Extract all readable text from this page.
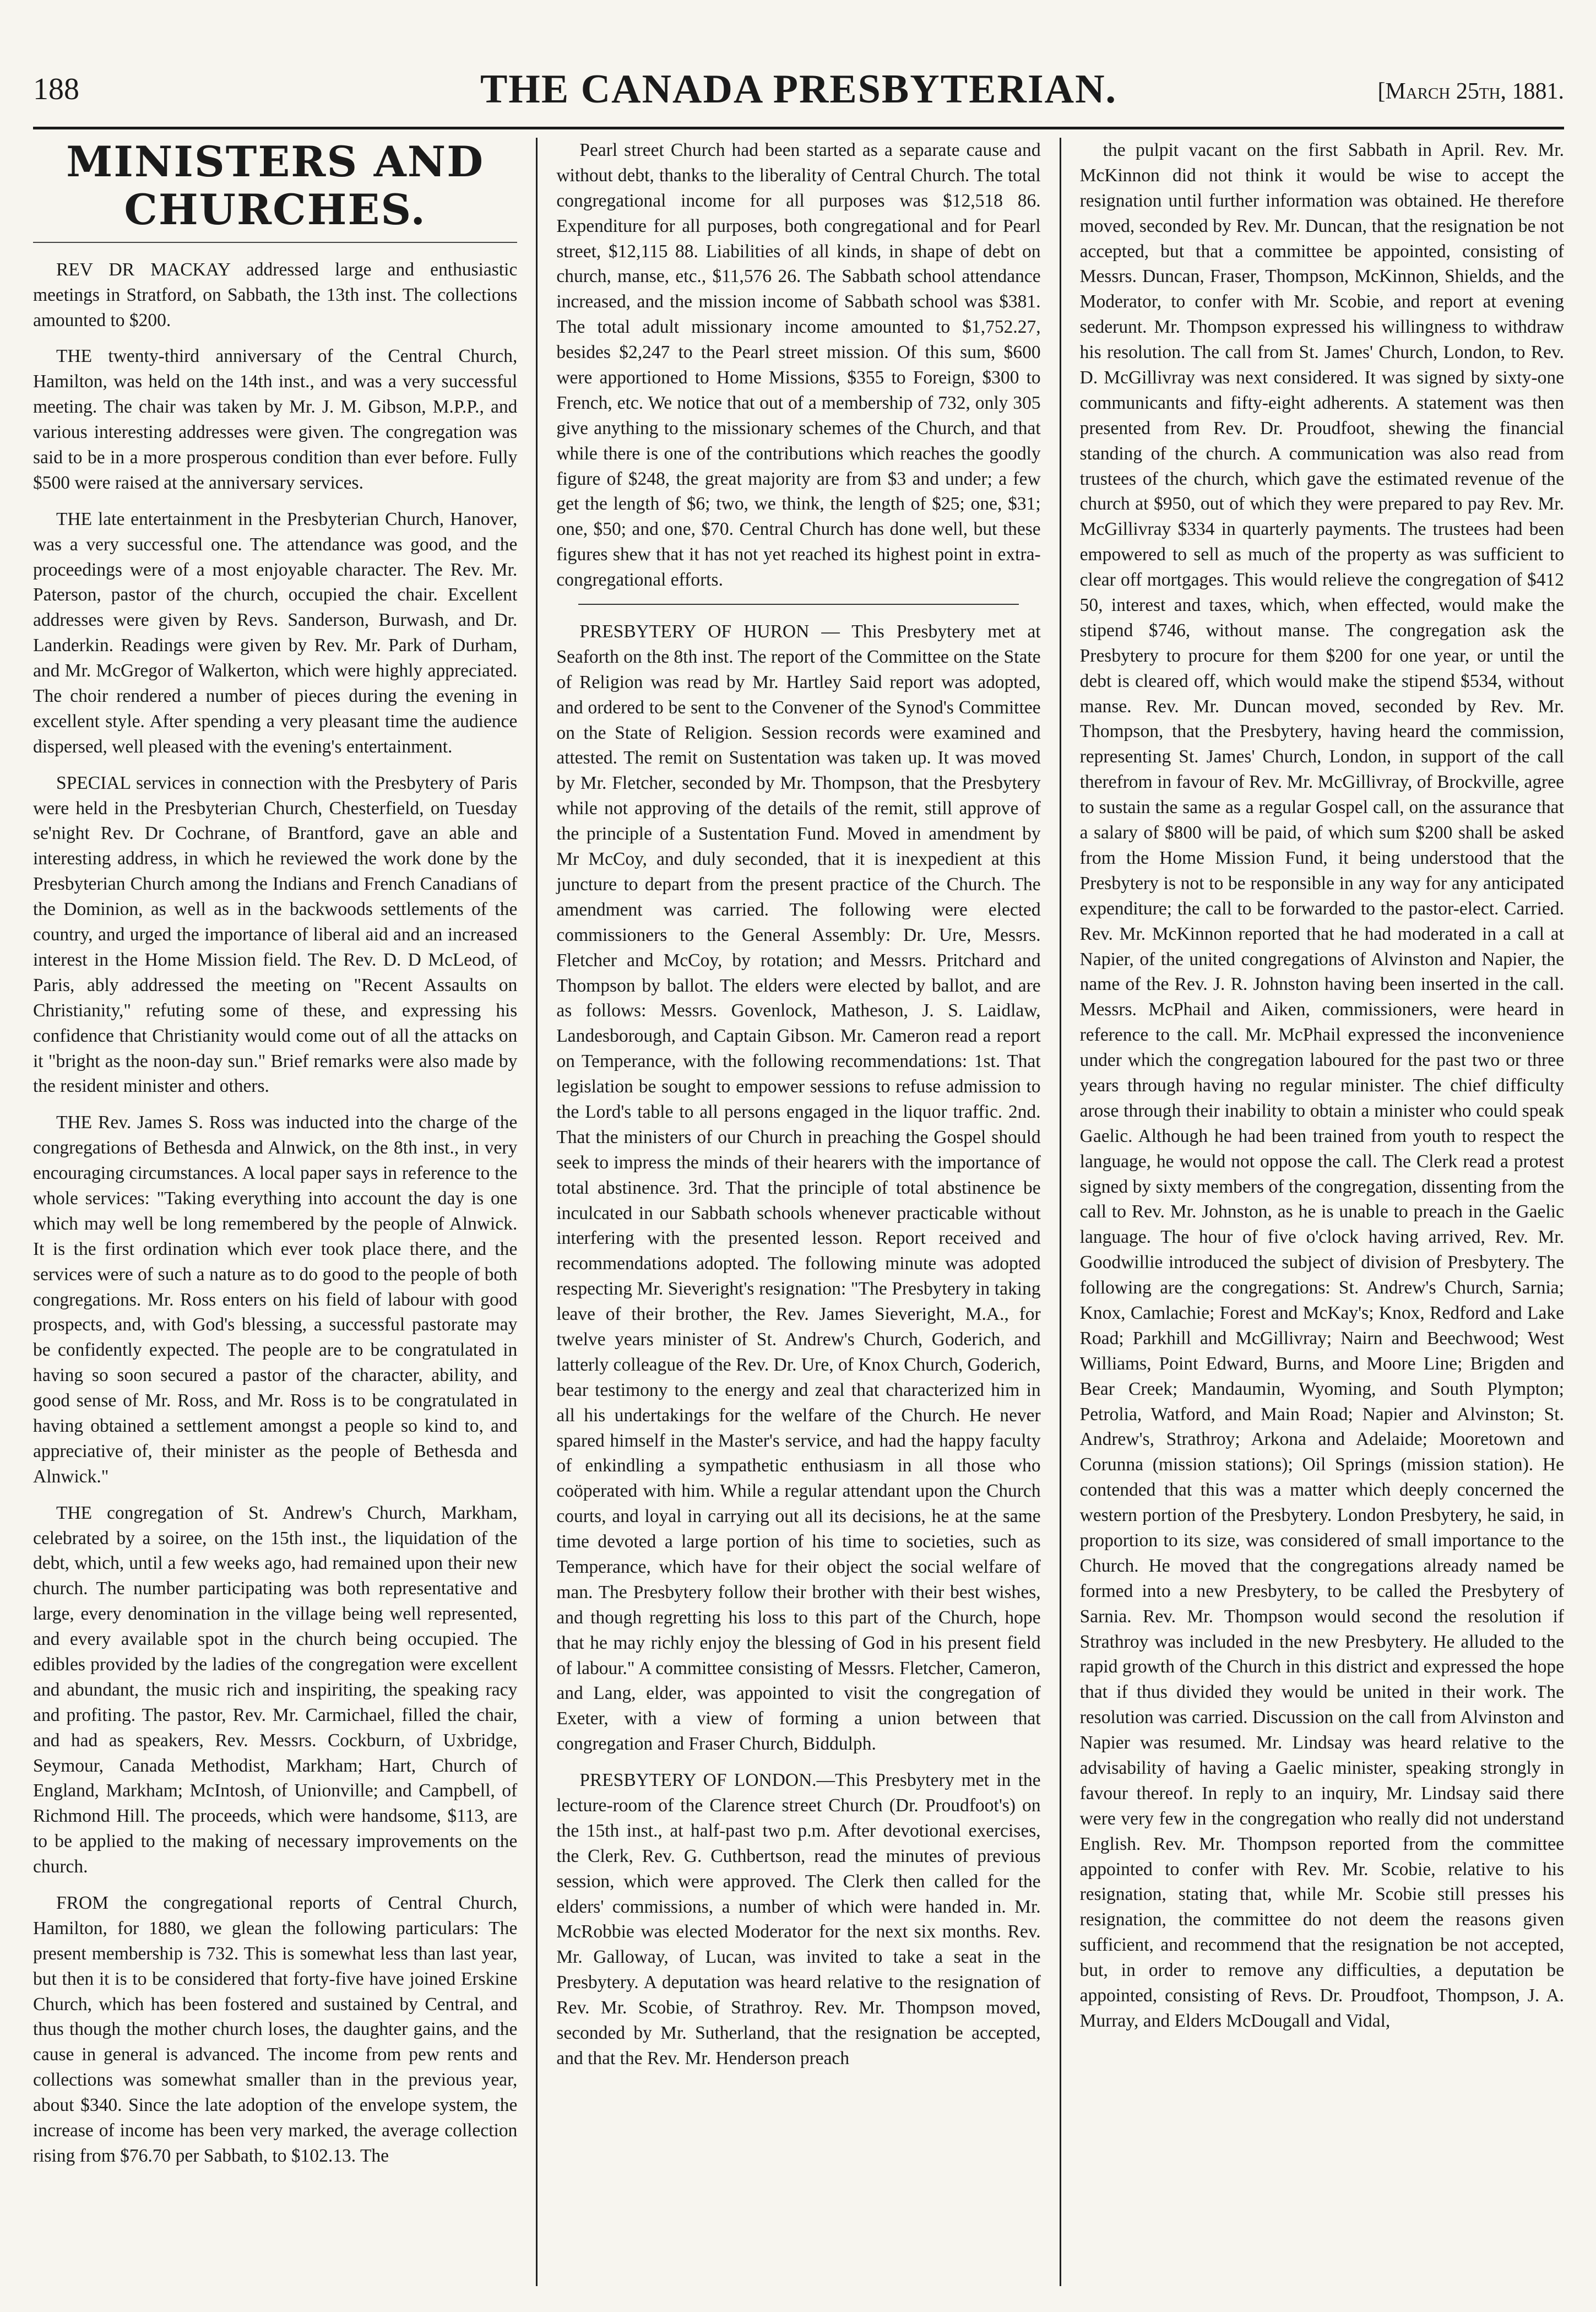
188	THE CANADA PRESBYTERIAN.	[March 25th, 1881.
MINISTERS AND CHURCHES.

REV DR MACKAY addressed large and enthusiastic meetings in Stratford, on Sabbath, the 13th inst. The collections amounted to $200.

THE twenty-third anniversary of the Central Church, Hamilton, was held on the 14th inst., and was a very successful meeting. The chair was taken by Mr. J. M. Gibson, M.P.P., and various interesting addresses were given. The congregation was said to be in a more prosperous condition than ever before. Fully $500 were raised at the anniversary services.

THE late entertainment in the Presbyterian Church, Hanover, was a very successful one. The attendance was good, and the proceedings were of a most enjoyable character. The Rev. Mr. Paterson, pastor of the church, occupied the chair. Excellent addresses were given by Revs. Sanderson, Burwash, and Dr. Landerkin. Readings were given by Rev. Mr. Park of Durham, and Mr. McGregor of Walkerton, which were highly appreciated. The choir rendered a number of pieces during the evening in excellent style. After spending a very pleasant time the audience dispersed, well pleased with the evening's entertainment.

SPECIAL services in connection with the Presbytery of Paris were held in the Presbyterian Church, Chesterfield, on Tuesday se'night Rev. Dr Cochrane, of Brantford, gave an able and interesting address, in which he reviewed the work done by the Presbyterian Church among the Indians and French Canadians of the Dominion, as well as in the backwoods settlements of the country, and urged the importance of liberal aid and an increased interest in the Home Mission field. The Rev. D. D McLeod, of Paris, ably addressed the meeting on "Recent Assaults on Christianity," refuting some of these, and expressing his confidence that Christianity would come out of all the attacks on it "bright as the noon-day sun." Brief remarks were also made by the resident minister and others.

THE Rev. James S. Ross was inducted into the charge of the congregations of Bethesda and Alnwick, on the 8th inst., in very encouraging circumstances. A local paper says in reference to the whole services: "Taking everything into account the day is one which may well be long remembered by the people of Alnwick. It is the first ordination which ever took place there, and the services were of such a nature as to do good to the people of both congregations. Mr. Ross enters on his field of labour with good prospects, and, with God's blessing, a successful pastorate may be confidently expected. The people are to be congratulated in having so soon secured a pastor of the character, ability, and good sense of Mr. Ross, and Mr. Ross is to be congratulated in having obtained a settlement amongst a people so kind to, and appreciative of, their minister as the people of Bethesda and Alnwick."

THE congregation of St. Andrew's Church, Markham, celebrated by a soiree, on the 15th inst., the liquidation of the debt, which, until a few weeks ago, had remained upon their new church. The number participating was both representative and large, every denomination in the village being well represented, and every available spot in the church being occupied. The edibles provided by the ladies of the congregation were excellent and abundant, the music rich and inspiriting, the speaking racy and profiting. The pastor, Rev. Mr. Carmichael, filled the chair, and had as speakers, Rev. Messrs. Cockburn, of Uxbridge, Seymour, Canada Methodist, Markham; Hart, Church of England, Markham; McIntosh, of Unionville; and Campbell, of Richmond Hill. The proceeds, which were handsome, $113, are to be applied to the making of necessary improvements on the church.

FROM the congregational reports of Central Church, Hamilton, for 1880, we glean the following particulars: The present membership is 732. This is somewhat less than last year, but then it is to be considered that forty-five have joined Erskine Church, which has been fostered and sustained by Central, and thus though the mother church loses, the daughter gains, and the cause in general is advanced. The income from pew rents and collections was somewhat smaller than in the previous year, about $340. Since the late adoption of the envelope system, the increase of income has been very marked, the average collection rising from $76.70 per Sabbath, to $102.13. The

Pearl street Church had been started as a separate cause and without debt, thanks to the liberality of Central Church. The total congregational income for all purposes was $12,518 86. Expenditure for all purposes, both congregational and for Pearl street, $12,115 88. Liabilities of all kinds, in shape of debt on church, manse, etc., $11,576 26. The Sabbath school attendance increased, and the mission income of Sabbath school was $381. The total adult missionary income amounted to $1,752.27, besides $2,247 to the Pearl street mission. Of this sum, $600 were apportioned to Home Missions, $355 to Foreign, $300 to French, etc. We notice that out of a membership of 732, only 305 give anything to the missionary schemes of the Church, and that while there is one of the contributions which reaches the goodly figure of $248, the great majority are from $3 and under; a few get the length of $6; two, we think, the length of $25; one, $31; one, $50; and one, $70. Central Church has done well, but these figures shew that it has not yet reached its highest point in extra-congregational efforts.

PRESBYTERY OF HURON — This Presbytery met at Seaforth on the 8th inst. The report of the Committee on the State of Religion was read by Mr. Hartley Said report was adopted, and ordered to be sent to the Convener of the Synod's Committee on the State of Religion. Session records were examined and attested. The remit on Sustentation was taken up. It was moved by Mr. Fletcher, seconded by Mr. Thompson, that the Presbytery while not approving of the details of the remit, still approve of the principle of a Sustentation Fund. Moved in amendment by Mr McCoy, and duly seconded, that it is inexpedient at this juncture to depart from the present practice of the Church. The amendment was carried. The following were elected commissioners to the General Assembly: Dr. Ure, Messrs. Fletcher and McCoy, by rotation; and Messrs. Pritchard and Thompson by ballot. The elders were elected by ballot, and are as follows: Messrs. Govenlock, Matheson, J. S. Laidlaw, Landesborough, and Captain Gibson. Mr. Cameron read a report on Temperance, with the following recommendations: 1st. That legislation be sought to empower sessions to refuse admission to the Lord's table to all persons engaged in the liquor traffic. 2nd. That the ministers of our Church in preaching the Gospel should seek to impress the minds of their hearers with the importance of total abstinence. 3rd. That the principle of total abstinence be inculcated in our Sabbath schools whenever practicable without interfering with the presented lesson. Report received and recommendations adopted. The following minute was adopted respecting Mr. Sieveright's resignation: "The Presbytery in taking leave of their brother, the Rev. James Sieveright, M.A., for twelve years minister of St. Andrew's Church, Goderich, and latterly colleague of the Rev. Dr. Ure, of Knox Church, Goderich, bear testimony to the energy and zeal that characterized him in all his undertakings for the welfare of the Church. He never spared himself in the Master's service, and had the happy faculty of enkindling a sympathetic enthusiasm in all those who coöperated with him. While a regular attendant upon the Church courts, and loyal in carrying out all its decisions, he at the same time devoted a large portion of his time to societies, such as Temperance, which have for their object the social welfare of man. The Presbytery follow their brother with their best wishes, and though regretting his loss to this part of the Church, hope that he may richly enjoy the blessing of God in his present field of labour." A committee consisting of Messrs. Fletcher, Cameron, and Lang, elder, was appointed to visit the congregation of Exeter, with a view of forming a union between that congregation and Fraser Church, Biddulph.

PRESBYTERY OF LONDON.—This Presbytery met in the lecture-room of the Clarence street Church (Dr. Proudfoot's) on the 15th inst., at half-past two p.m. After devotional exercises, the Clerk, Rev. G. Cuthbertson, read the minutes of previous session, which were approved. The Clerk then called for the elders' commissions, a number of which were handed in. Mr. McRobbie was elected Moderator for the next six months. Rev. Mr. Galloway, of Lucan, was invited to take a seat in the Presbytery. A deputation was heard relative to the resignation of Rev. Mr. Scobie, of Strathroy. Rev. Mr. Thompson moved, seconded by Mr. Sutherland, that the resignation be accepted, and that the Rev. Mr. Henderson preach

the pulpit vacant on the first Sabbath in April. Rev. Mr. McKinnon did not think it would be wise to accept the resignation until further information was obtained. He therefore moved, seconded by Rev. Mr. Duncan, that the resignation be not accepted, but that a committee be appointed, consisting of Messrs. Duncan, Fraser, Thompson, McKinnon, Shields, and the Moderator, to confer with Mr. Scobie, and report at evening sederunt. Mr. Thompson expressed his willingness to withdraw his resolution. The call from St. James' Church, London, to Rev. D. McGillivray was next considered. It was signed by sixty-one communicants and fifty-eight adherents. A statement was then presented from Rev. Dr. Proudfoot, shewing the financial standing of the church. A communication was also read from trustees of the church, which gave the estimated revenue of the church at $950, out of which they were prepared to pay Rev. Mr. McGillivray $334 in quarterly payments. The trustees had been empowered to sell as much of the property as was sufficient to clear off mortgages. This would relieve the congregation of $412 50, interest and taxes, which, when effected, would make the stipend $746, without manse. The congregation ask the Presbytery to procure for them $200 for one year, or until the debt is cleared off, which would make the stipend $534, without manse. Rev. Mr. Duncan moved, seconded by Rev. Mr. Thompson, that the Presbytery, having heard the commission, representing St. James' Church, London, in support of the call therefrom in favour of Rev. Mr. McGillivray, of Brockville, agree to sustain the same as a regular Gospel call, on the assurance that a salary of $800 will be paid, of which sum $200 shall be asked from the Home Mission Fund, it being understood that the Presbytery is not to be responsible in any way for any anticipated expenditure; the call to be forwarded to the pastor-elect. Carried. Rev. Mr. McKinnon reported that he had moderated in a call at Napier, of the united congregations of Alvinston and Napier, the name of the Rev. J. R. Johnston having been inserted in the call. Messrs. McPhail and Aiken, commissioners, were heard in reference to the call. Mr. McPhail expressed the inconvenience under which the congregation laboured for the past two or three years through having no regular minister. The chief difficulty arose through their inability to obtain a minister who could speak Gaelic. Although he had been trained from youth to respect the language, he would not oppose the call. The Clerk read a protest signed by sixty members of the congregation, dissenting from the call to Rev. Mr. Johnston, as he is unable to preach in the Gaelic language. The hour of five o'clock having arrived, Rev. Mr. Goodwillie introduced the subject of division of Presbytery. The following are the congregations: St. Andrew's Church, Sarnia; Knox, Camlachie; Forest and McKay's; Knox, Redford and Lake Road; Parkhill and McGillivray; Nairn and Beechwood; West Williams, Point Edward, Burns, and Moore Line; Brigden and Bear Creek; Mandaumin, Wyoming, and South Plympton; Petrolia, Watford, and Main Road; Napier and Alvinston; St. Andrew's, Strathroy; Arkona and Adelaide; Mooretown and Corunna (mission stations); Oil Springs (mission station). He contended that this was a matter which deeply concerned the western portion of the Presbytery. London Presbytery, he said, in proportion to its size, was considered of small importance to the Church. He moved that the congregations already named be formed into a new Presbytery, to be called the Presbytery of Sarnia. Rev. Mr. Thompson would second the resolution if Strathroy was included in the new Presbytery. He alluded to the rapid growth of the Church in this district and expressed the hope that if thus divided they would be united in their work. The resolution was carried. Discussion on the call from Alvinston and Napier was resumed. Mr. Lindsay was heard relative to the advisability of having a Gaelic minister, speaking strongly in favour thereof. In reply to an inquiry, Mr. Lindsay said there were very few in the congregation who really did not understand English. Rev. Mr. Thompson reported from the committee appointed to confer with Rev. Mr. Scobie, relative to his resignation, stating that, while Mr. Scobie still presses his resignation, the committee do not deem the reasons given sufficient, and recommend that the resignation be not accepted, but, in order to remove any difficulties, a deputation be appointed, consisting of Revs. Dr. Proudfoot, Thompson, J. A. Murray, and Elders McDougall and Vidal,
